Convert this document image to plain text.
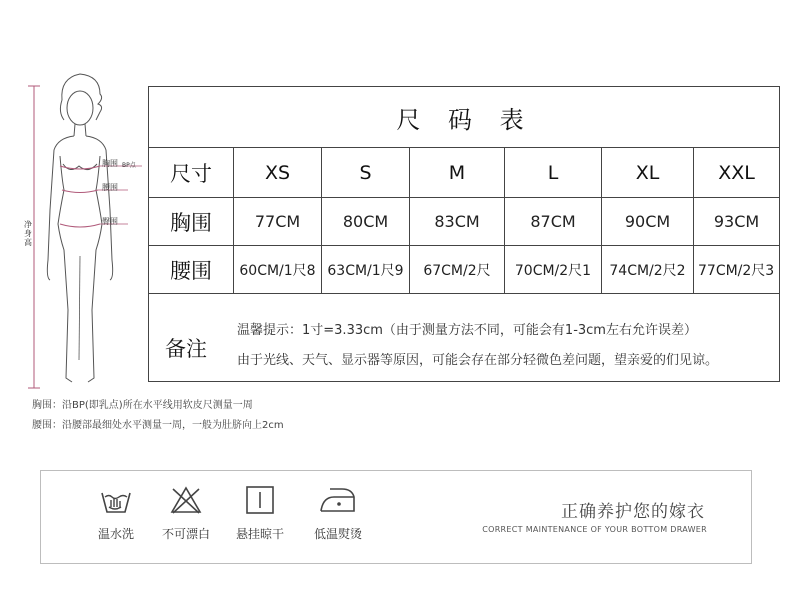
净身高
胸围 BP点
腰围
臀围
尺 码 表
尺寸	XS	S	M	L	XL	XXL
胸围	77CM	80CM	83CM	87CM	90CM	93CM
腰围	60CM/1尺8 63CM/1尺9	67CM/2尺	70CM/2尺1	74CM/2尺2 77CM/2尺3
备注
温馨提示：1寸=3.33cm（由于测量方法不同，可能会有1-3cm左右允许误差）
由于光线、天气、显示器等原因，可能会存在部分轻微色差问题，望亲爱的们见谅。
胸围：沿BP(即乳点)所在水平线用软皮尺测量一周
腰围：沿腰部最细处水平测量一周，一般为肚脐向上2cm
温水洗	不可漂白	悬挂晾干	低温熨烫
正确养护您的嫁衣
CORRECT MAINTENANCE OF YOUR BOTTOM DRAWER
